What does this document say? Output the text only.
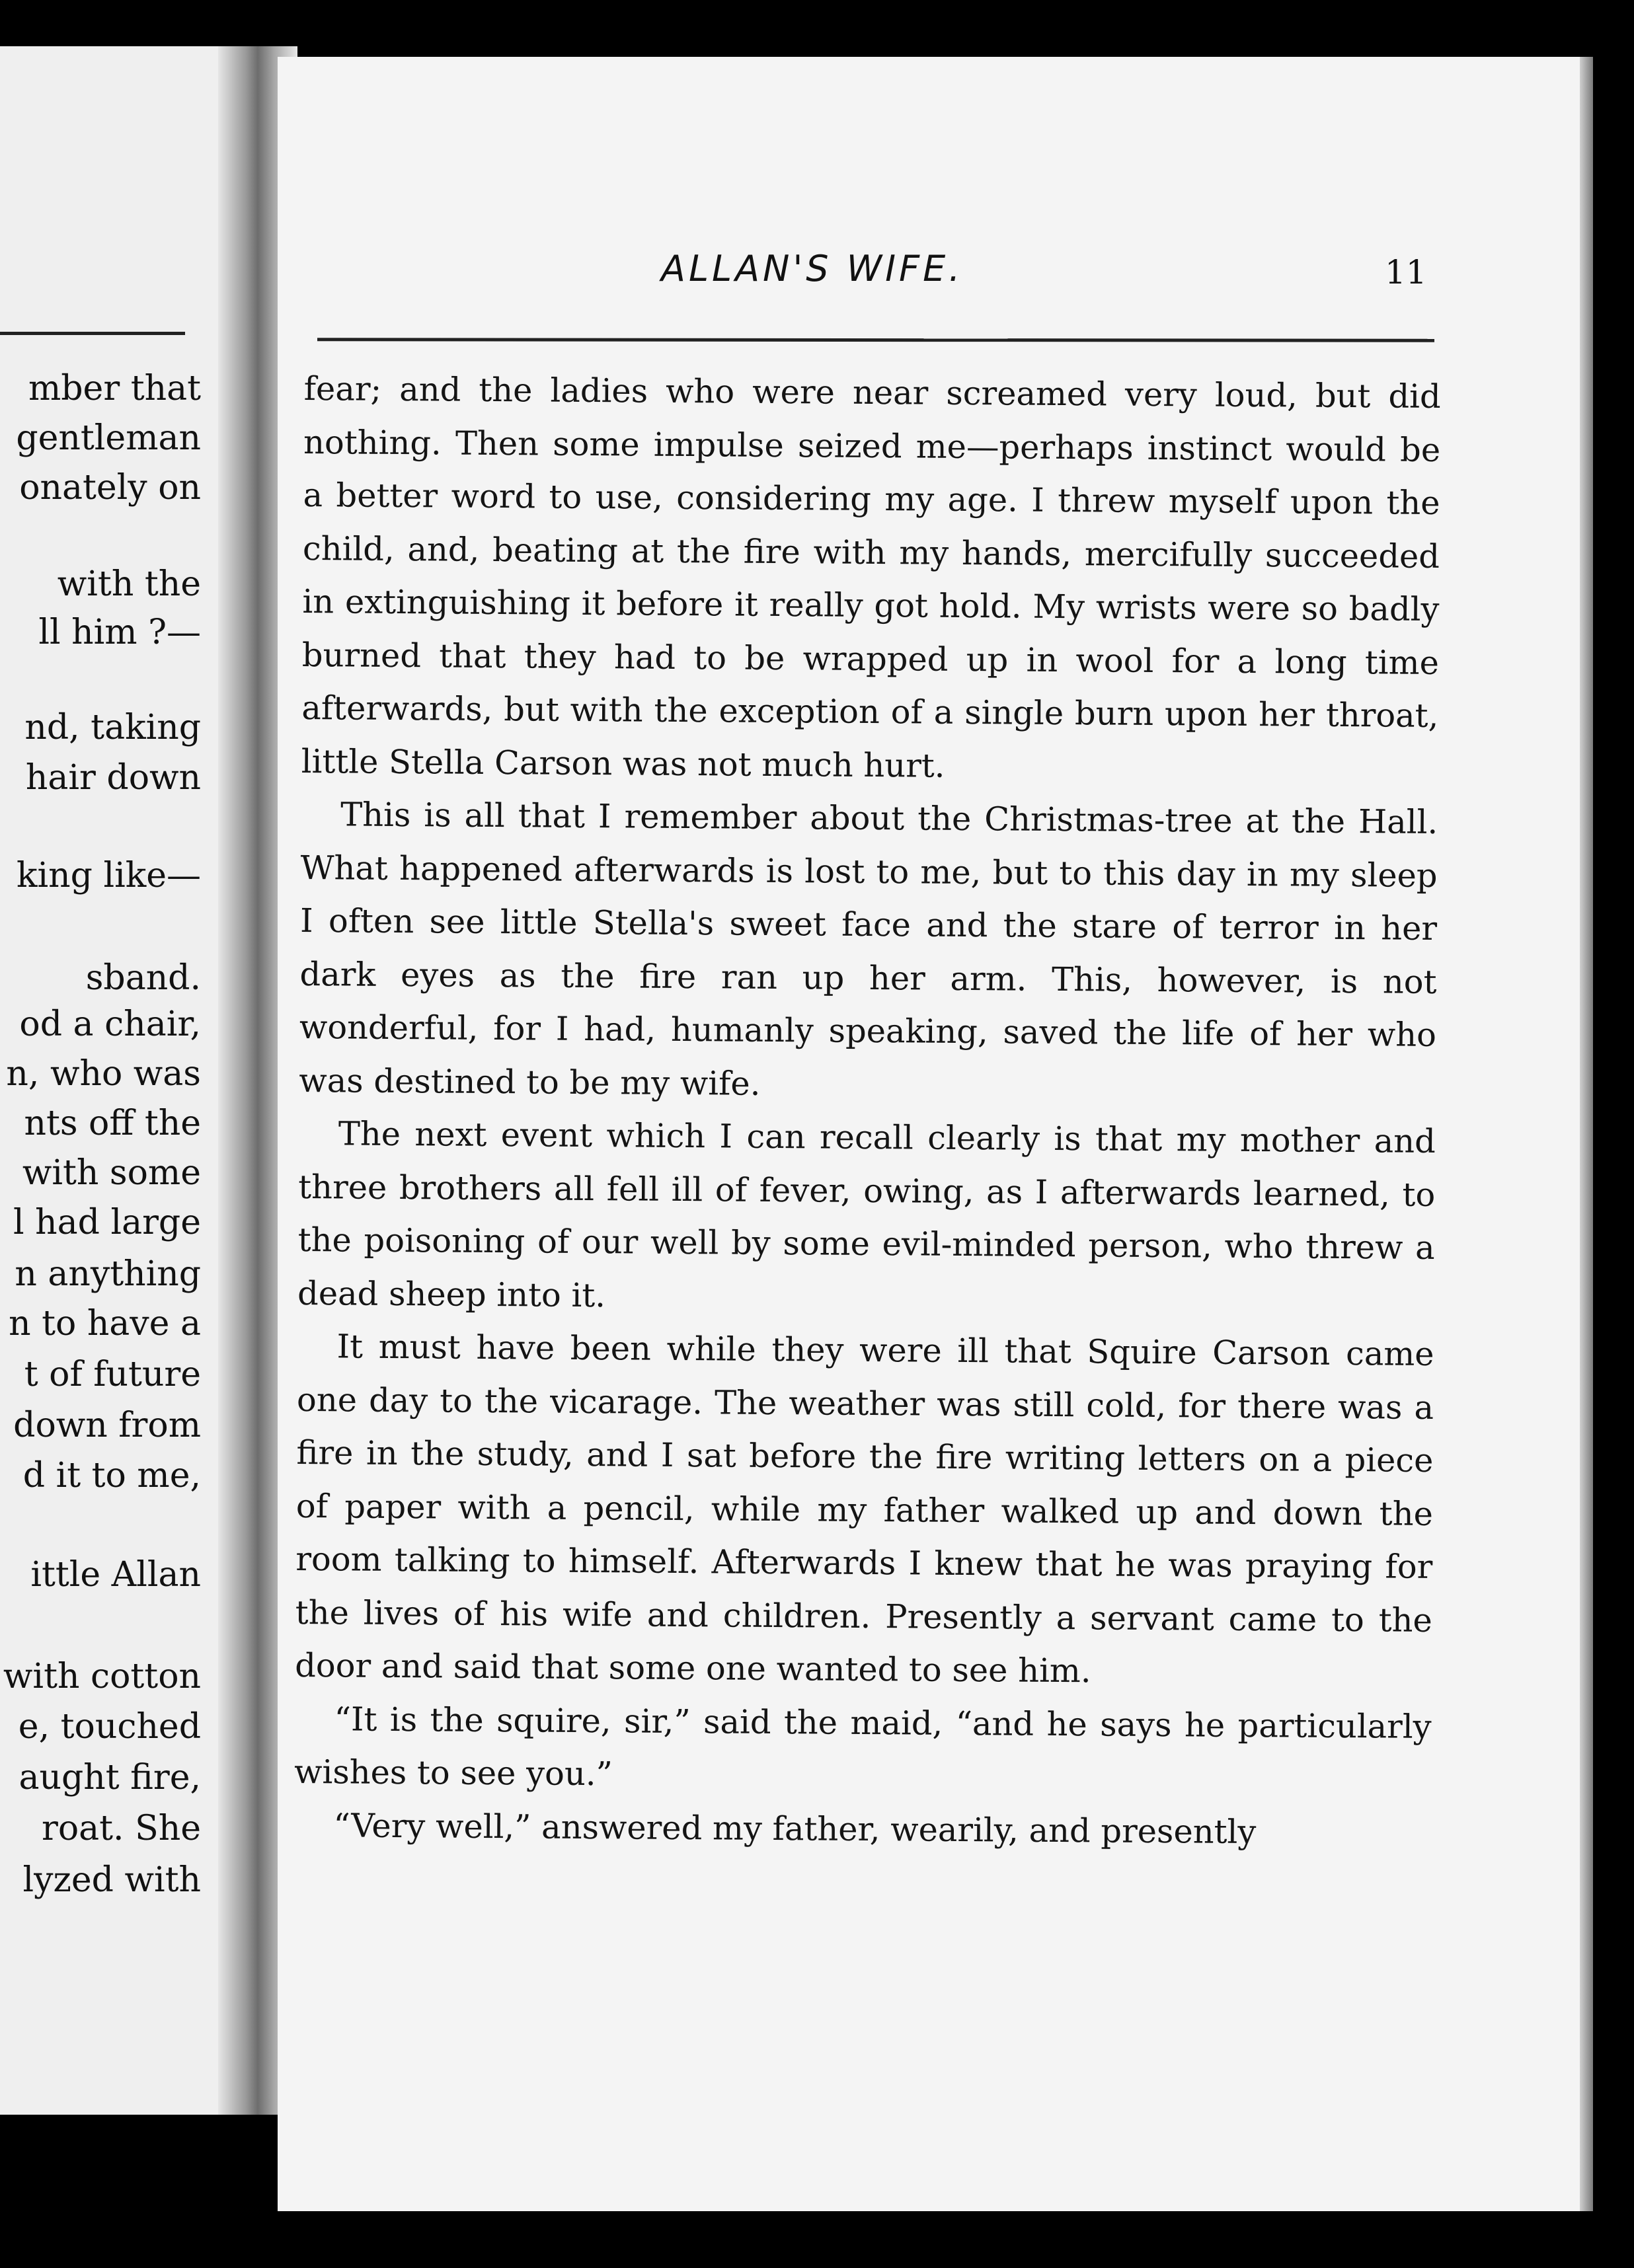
mber that

gentleman

onately on

with the

ll him ?—

nd, taking

hair down

king like—

sband.

od a chair,

n, who was

nts off the

with some

l had large

n anything

n to have a

t of future

down from

d it to me,

ittle Allan

with cotton

e, touched

aught fire,

roat. She

lyzed with

ALLAN'S WIFE.	11

fear; and the ladies who were near screamed very loud, but did nothing. Then some impulse seized me—perhaps instinct would be a better word to use, considering my age. I threw myself upon the child, and, beating at the fire with my hands, mercifully succeeded in extinguishing it before it really got hold. My wrists were so badly burned that they had to be wrapped up in wool for a long time afterwards, but with the exception of a single burn upon her throat, little Stella Carson was not much hurt.

This is all that I remember about the Christmas-tree at the Hall. What happened afterwards is lost to me, but to this day in my sleep I often see little Stella's sweet face and the stare of terror in her dark eyes as the fire ran up her arm. This, however, is not wonderful, for I had, humanly speaking, saved the life of her who was destined to be my wife.

The next event which I can recall clearly is that my mother and three brothers all fell ill of fever, owing, as I afterwards learned, to the poisoning of our well by some evil-minded person, who threw a dead sheep into it.

It must have been while they were ill that Squire Carson came one day to the vicarage. The weather was still cold, for there was a fire in the study, and I sat before the fire writing letters on a piece of paper with a pencil, while my father walked up and down the room talking to himself. Afterwards I knew that he was praying for the lives of his wife and children. Presently a servant came to the door and said that some one wanted to see him.

“It is the squire, sir,” said the maid, “and he says he particularly wishes to see you.”

“Very well,” answered my father, wearily, and presently
